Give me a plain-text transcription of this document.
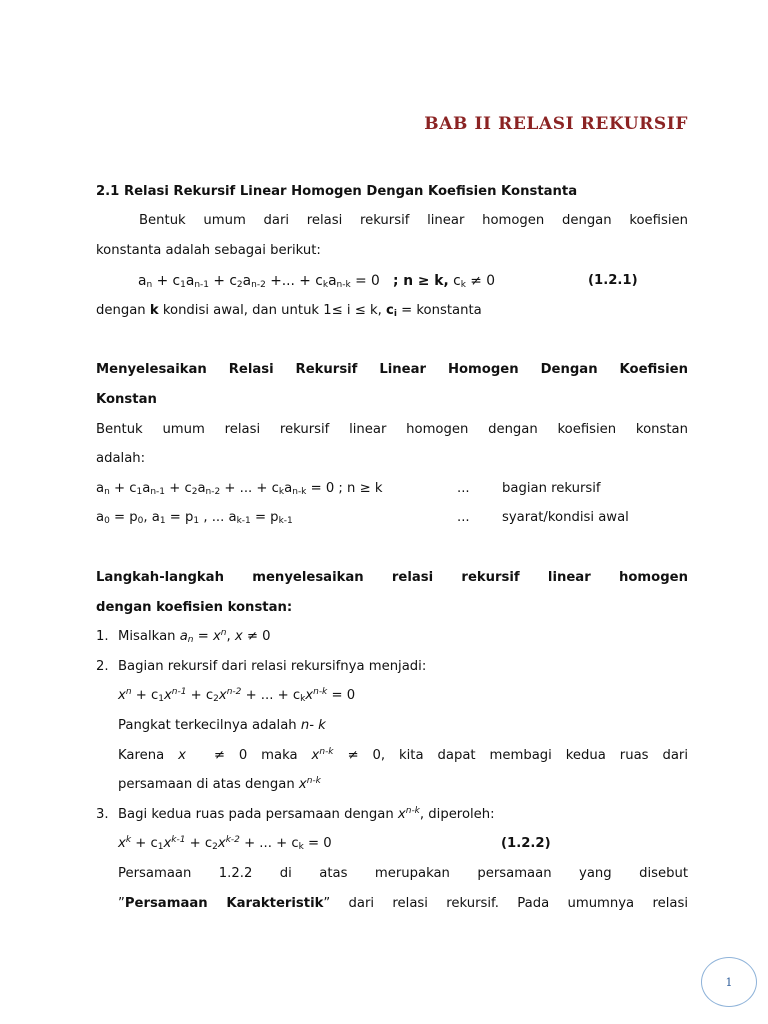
BAB II RELASI REKURSIF
2.1 Relasi Rekursif Linear Homogen Dengan Koefisien Konstanta
Bentuk umum dari relasi rekursif linear homogen dengan koefisien
konstanta adalah sebagai berikut:
$a_n + c_1a_{n-1} + c_2a_{n-2}$ +... + $c_ka_{n-k} = 0$   ; n ≥ k, $c_k \ne 0$	(1.2.1)
dengan k kondisi awal, dan untuk 1≤ i ≤ k, $c_i$ = konstanta
Menyelesaikan Relasi Rekursif Linear Homogen Dengan Koefisien
Konstan
Bentuk umum relasi rekursif linear homogen dengan koefisien konstan
adalah:
$a_n + c_1a_{n-1} + c_2a_{n-2}$ + ... + $c_ka_{n-k} = 0$ ; n ≥ k	...	bagian rekursif
$a_0 = p_0$, $a_1 = p_1$ , ... $a_{k-1} = p_{k-1}$	...	syarat/kondisi awal
Langkah-langkah menyelesaikan relasi rekursif linear homogen
dengan koefisien konstan:
1. Misalkan $a_n = x^n$, x ≠ 0
2. Bagian rekursif dari relasi rekursifnya menjadi:
$x^n + c_1x^{n-1} + c_2x^{n-2}$ + ... + $c_kx^{n-k} = 0$
Pangkat terkecilnya adalah n- k
Karena x  ≠ 0 maka $x^{n-k} \ne 0$, kita dapat membagi kedua ruas dari
persamaan di atas dengan $x^{n-k}$
3. Bagi kedua ruas pada persamaan dengan $x^{n-k}$, diperoleh:
$x^k + c_1x^{k-1} + c_2x^{k-2}$ + ... + $c_k = 0$	(1.2.2)
Persamaan 1.2.2 di atas merupakan persamaan yang disebut
”Persamaan Karakteristik” dari relasi rekursif. Pada umumnya relasi
1
